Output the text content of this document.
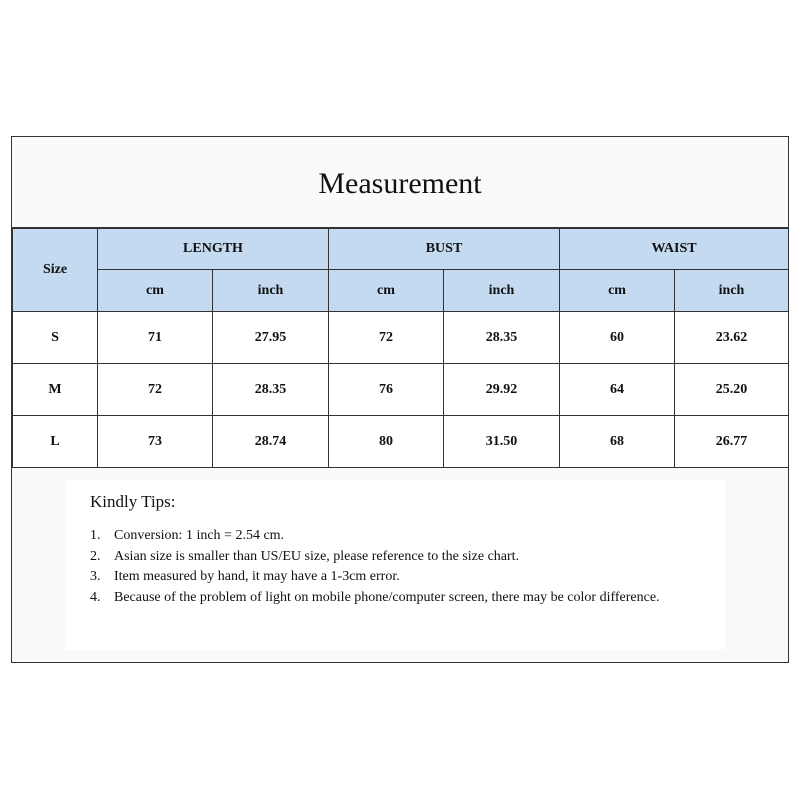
Measurement
Size	LENGTH		BUST		WAIST	
	cm	inch	cm	inch	cm	inch
S	71	27.95	72	28.35	60	23.62
M	72	28.35	76	29.92	64	25.20
L	73	28.74	80	31.50	68	26.77
Kindly Tips:
1. Conversion: 1 inch = 2.54 cm.
2. Asian size is smaller than US/EU size, please reference to the size chart.
3. Item measured by hand, it may have a 1-3cm error.
4. Because of the problem of light on mobile phone/computer screen, there may be color difference.
